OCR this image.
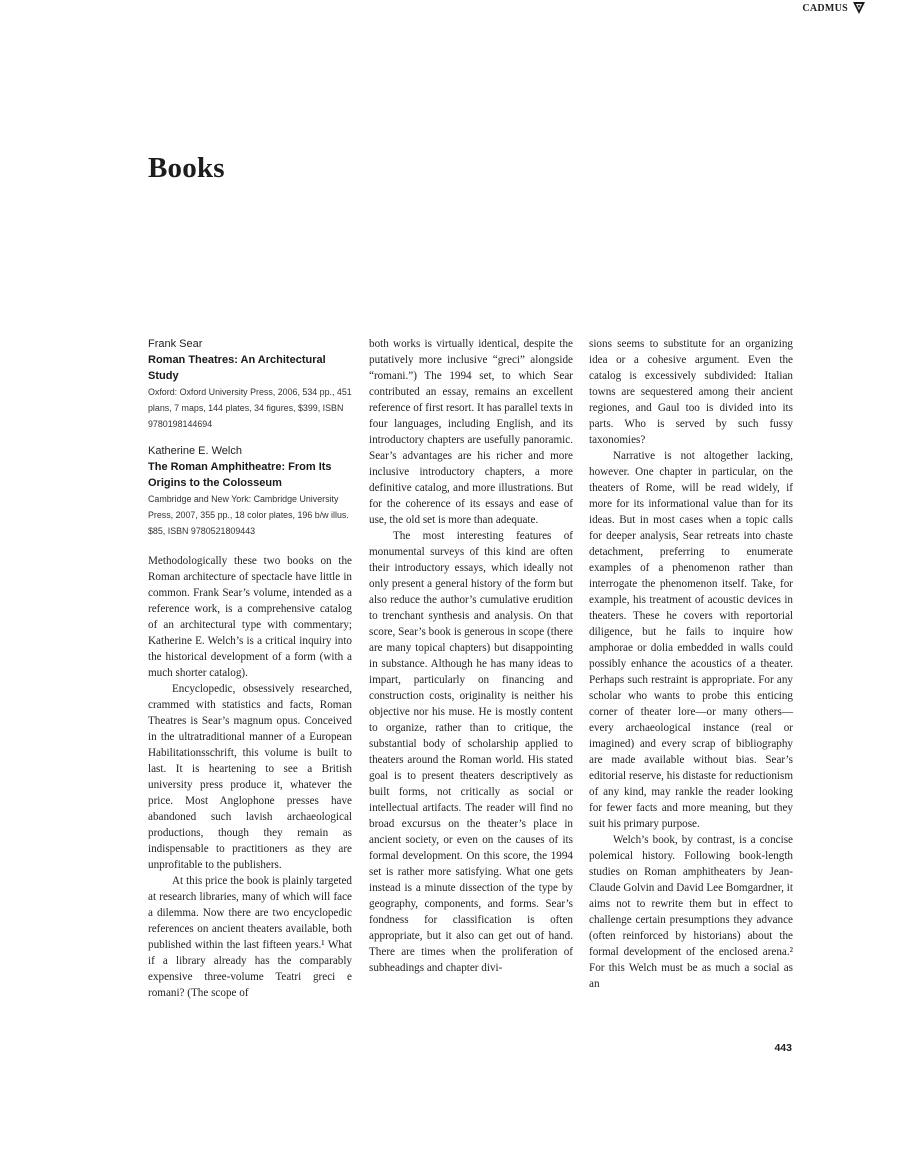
CADMUS
Books

Frank Sear

Roman Theatres: An Architectural Study

Oxford: Oxford University Press, 2006, 534 pp., 451 plans, 7 maps, 144 plates, 34 figures, $399, ISBN 9780198144694

Katherine E. Welch

The Roman Amphitheatre: From Its Origins to the Colosseum

Cambridge and New York: Cambridge University Press, 2007, 355 pp., 18 color plates, 196 b/w illus. $85, ISBN 9780521809443

Methodologically these two books on the Roman architecture of spectacle have little in common. Frank Sear’s volume, intended as a reference work, is a comprehensive catalog of an architectural type with commentary; Katherine E. Welch’s is a critical inquiry into the historical development of a form (with a much shorter catalog).

Encyclopedic, obsessively researched, crammed with statistics and facts, Roman Theatres is Sear’s magnum opus. Conceived in the ultratraditional manner of a European Habilitationsschrift, this volume is built to last. It is heartening to see a British university press produce it, whatever the price. Most Anglophone presses have abandoned such lavish archaeological productions, though they remain as indispensable to practitioners as they are unprofitable to the publishers.

At this price the book is plainly targeted at research libraries, many of which will face a dilemma. Now there are two encyclopedic references on ancient theaters available, both published within the last fifteen years.¹ What if a library already has the comparably expensive three-volume Teatri greci e romani? (The scope of

both works is virtually identical, despite the putatively more inclusive “greci” alongside “romani.”) The 1994 set, to which Sear contributed an essay, remains an excellent reference of first resort. It has parallel texts in four languages, including English, and its introductory chapters are usefully panoramic. Sear’s advantages are his richer and more inclusive introductory chapters, a more definitive catalog, and more illustrations. But for the coherence of its essays and ease of use, the old set is more than adequate.

The most interesting features of monumental surveys of this kind are often their introductory essays, which ideally not only present a general history of the form but also reduce the author’s cumulative erudition to trenchant synthesis and analysis. On that score, Sear’s book is generous in scope (there are many topical chapters) but disappointing in substance. Although he has many ideas to impart, particularly on financing and construction costs, originality is neither his objective nor his muse. He is mostly content to organize, rather than to critique, the substantial body of scholarship applied to theaters around the Roman world. His stated goal is to present theaters descriptively as built forms, not critically as social or intellectual artifacts. The reader will find no broad excursus on the theater’s place in ancient society, or even on the causes of its formal development. On this score, the 1994 set is rather more satisfying. What one gets instead is a minute dissection of the type by geography, components, and forms. Sear’s fondness for classification is often appropriate, but it also can get out of hand. There are times when the proliferation of subheadings and chapter divi-

sions seems to substitute for an organizing idea or a cohesive argument. Even the catalog is excessively subdivided: Italian towns are sequestered among their ancient regiones, and Gaul too is divided into its parts. Who is served by such fussy taxonomies?

Narrative is not altogether lacking, however. One chapter in particular, on the theaters of Rome, will be read widely, if more for its informational value than for its ideas. But in most cases when a topic calls for deeper analysis, Sear retreats into chaste detachment, preferring to enumerate examples of a phenomenon rather than interrogate the phenomenon itself. Take, for example, his treatment of acoustic devices in theaters. These he covers with reportorial diligence, but he fails to inquire how amphorae or dolia embedded in walls could possibly enhance the acoustics of a theater. Perhaps such restraint is appropriate. For any scholar who wants to probe this enticing corner of theater lore—or many others—every archaeological instance (real or imagined) and every scrap of bibliography are made available without bias. Sear’s editorial reserve, his distaste for reductionism of any kind, may rankle the reader looking for fewer facts and more meaning, but they suit his primary purpose.

Welch’s book, by contrast, is a concise polemical history. Following book-length studies on Roman amphitheaters by Jean-Claude Golvin and David Lee Bomgardner, it aims not to rewrite them but in effect to challenge certain presumptions they advance (often reinforced by historians) about the formal development of the enclosed arena.² For this Welch must be as much a social as an

443
